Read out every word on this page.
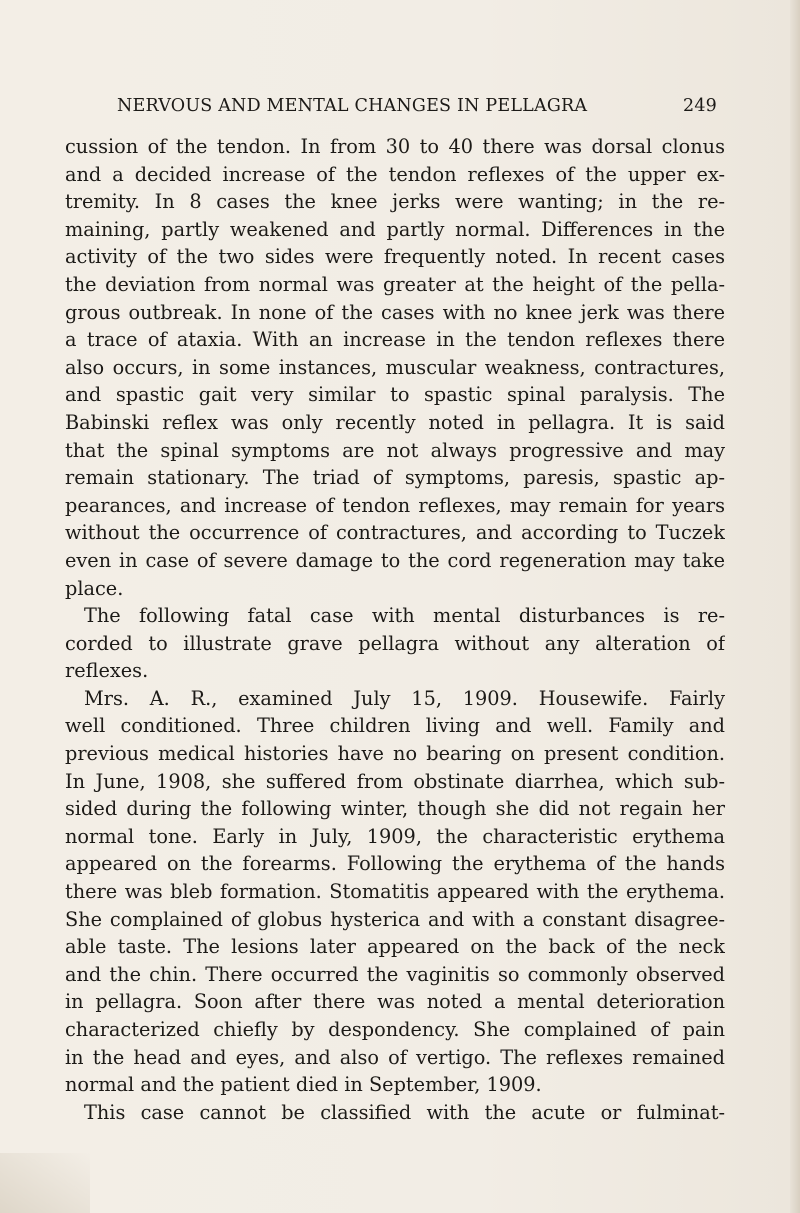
NERVOUS AND MENTAL CHANGES IN PELLAGRA	249
cussion of the tendon. In from 30 to 40 there was dorsal clonus
and a decided increase of the tendon reflexes of the upper ex-
tremity. In 8 cases the knee jerks were wanting; in the re-
maining, partly weakened and partly normal. Differences in the
activity of the two sides were frequently noted. In recent cases
the deviation from normal was greater at the height of the pella-
grous outbreak. In none of the cases with no knee jerk was there
a trace of ataxia. With an increase in the tendon reflexes there
also occurs, in some instances, muscular weakness, contractures,
and spastic gait very similar to spastic spinal paralysis. The
Babinski reflex was only recently noted in pellagra. It is said
that the spinal symptoms are not always progressive and may
remain stationary. The triad of symptoms, paresis, spastic ap-
pearances, and increase of tendon reflexes, may remain for years
without the occurrence of contractures, and according to Tuczek
even in case of severe damage to the cord regeneration may take
place.
The following fatal case with mental disturbances is re-
corded to illustrate grave pellagra without any alteration of
reflexes.
Mrs. A. R., examined July 15, 1909. Housewife. Fairly
well conditioned. Three children living and well. Family and
previous medical histories have no bearing on present condition.
In June, 1908, she suffered from obstinate diarrhea, which sub-
sided during the following winter, though she did not regain her
normal tone. Early in July, 1909, the characteristic erythema
appeared on the forearms. Following the erythema of the hands
there was bleb formation. Stomatitis appeared with the erythema.
She complained of globus hysterica and with a constant disagree-
able taste. The lesions later appeared on the back of the neck
and the chin. There occurred the vaginitis so commonly observed
in pellagra. Soon after there was noted a mental deterioration
characterized chiefly by despondency. She complained of pain
in the head and eyes, and also of vertigo. The reflexes remained
normal and the patient died in September, 1909.
This case cannot be classified with the acute or fulminat-
